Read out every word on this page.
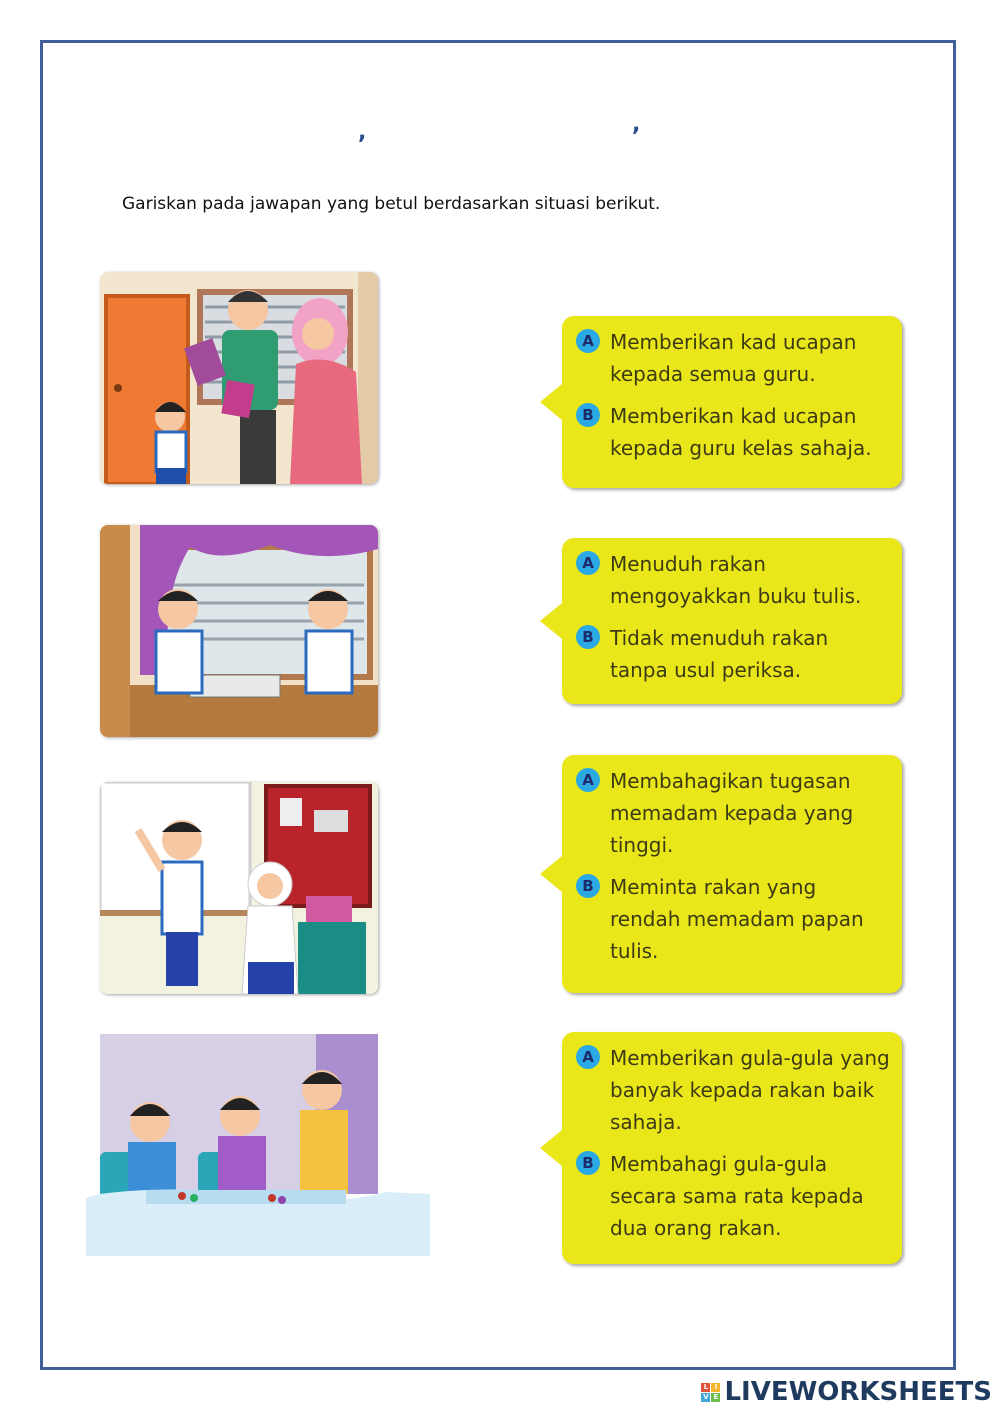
,	,
Gariskan pada jawapan yang betul berdasarkan situasi berikut.
A Memberikan kad ucapan kepada semua guru.
B Memberikan kad ucapan kepada guru kelas sahaja.
A Menuduh rakan mengoyakkan buku tulis.
B Tidak menuduh rakan tanpa usul periksa.
A Membahagikan tugasan memadam kepada yang tinggi.
B Meminta rakan yang rendah memadam papan tulis.
A Memberikan gula-gula yang banyak kepada rakan baik sahaja.
B Membahagi gula-gula secara sama rata kepada dua orang rakan.
L I
V E LIVEWORKSHEETS
